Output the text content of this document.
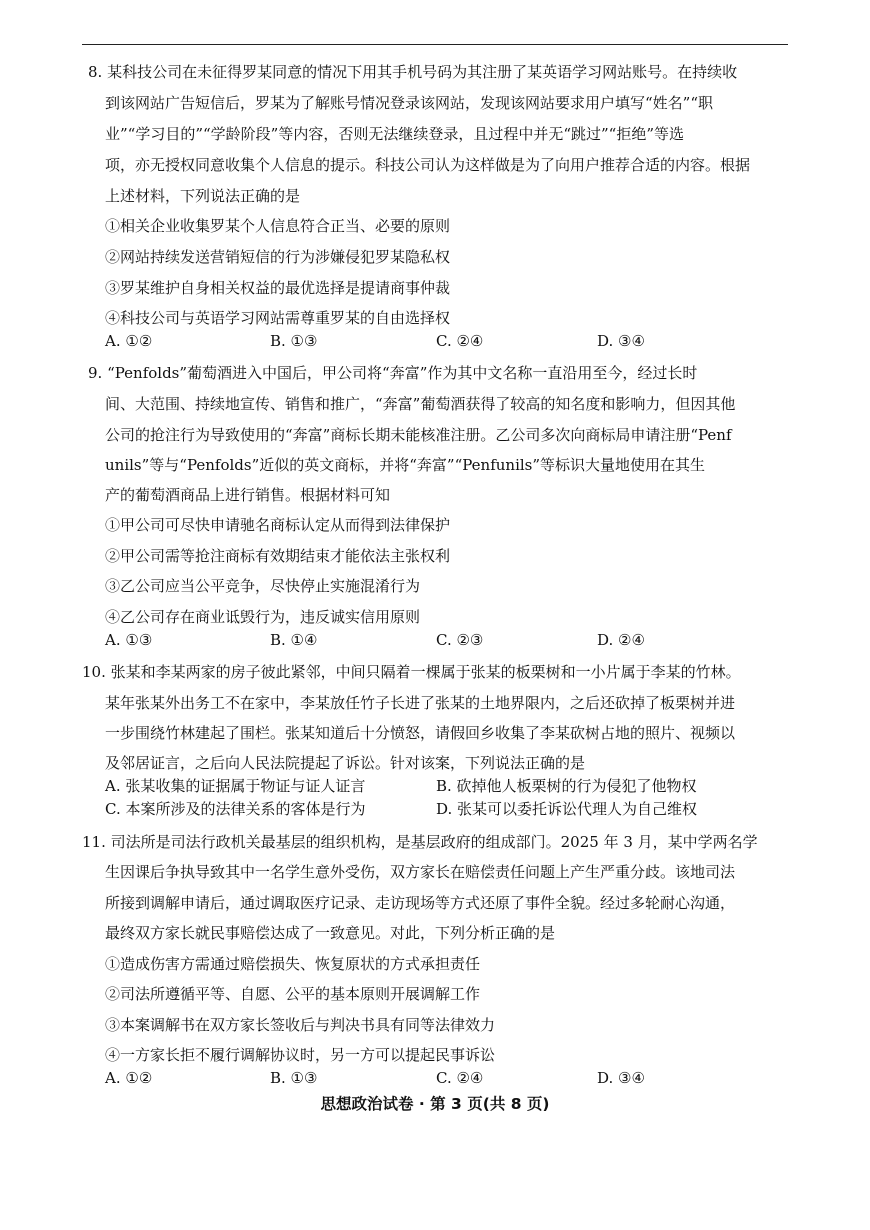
8. 某科技公司在未征得罗某同意的情况下用其手机号码为其注册了某英语学习网站账号。在持续收
到该网站广告短信后，罗某为了解账号情况登录该网站，发现该网站要求用户填写“姓名”“职
业”“学习目的”“学龄阶段”等内容，否则无法继续登录，且过程中并无“跳过”“拒绝”等选
项，亦无授权同意收集个人信息的提示。科技公司认为这样做是为了向用户推荐合适的内容。根据
上述材料，下列说法正确的是
①相关企业收集罗某个人信息符合正当、必要的原则
②网站持续发送营销短信的行为涉嫌侵犯罗某隐私权
③罗某维护自身相关权益的最优选择是提请商事仲裁
④科技公司与英语学习网站需尊重罗某的自由选择权
A. ①②	B. ①③	C. ②④	D. ③④
9. “Penfolds”葡萄酒进入中国后，甲公司将“奔富”作为其中文名称一直沿用至今，经过长时
间、大范围、持续地宣传、销售和推广，“奔富”葡萄酒获得了较高的知名度和影响力，但因其他
公司的抢注行为导致使用的“奔富”商标长期未能核准注册。乙公司多次向商标局申请注册“Penf
unils”等与“Penfolds”近似的英文商标，并将“奔富”“Penfunils”等标识大量地使用在其生
产的葡萄酒商品上进行销售。根据材料可知
①甲公司可尽快申请驰名商标认定从而得到法律保护
②甲公司需等抢注商标有效期结束才能依法主张权利
③乙公司应当公平竞争，尽快停止实施混淆行为
④乙公司存在商业诋毁行为，违反诚实信用原则
A. ①③	B. ①④	C. ②③	D. ②④
10. 张某和李某两家的房子彼此紧邻，中间只隔着一棵属于张某的板栗树和一小片属于李某的竹林。
某年张某外出务工不在家中，李某放任竹子长进了张某的土地界限内，之后还砍掉了板栗树并进
一步围绕竹林建起了围栏。张某知道后十分愤怒，请假回乡收集了李某砍树占地的照片、视频以
及邻居证言，之后向人民法院提起了诉讼。针对该案，下列说法正确的是
A. 张某收集的证据属于物证与证人证言	B. 砍掉他人板栗树的行为侵犯了他物权
C. 本案所涉及的法律关系的客体是行为	D. 张某可以委托诉讼代理人为自己维权
11. 司法所是司法行政机关最基层的组织机构，是基层政府的组成部门。2025 年 3 月，某中学两名学
生因课后争执导致其中一名学生意外受伤，双方家长在赔偿责任问题上产生严重分歧。该地司法
所接到调解申请后，通过调取医疗记录、走访现场等方式还原了事件全貌。经过多轮耐心沟通，
最终双方家长就民事赔偿达成了一致意见。对此，下列分析正确的是
①造成伤害方需通过赔偿损失、恢复原状的方式承担责任
②司法所遵循平等、自愿、公平的基本原则开展调解工作
③本案调解书在双方家长签收后与判决书具有同等法律效力
④一方家长拒不履行调解协议时，另一方可以提起民事诉讼
A. ①②	B. ①③	C. ②④	D. ③④
思想政治试卷 · 第 3 页(共 8 页)
